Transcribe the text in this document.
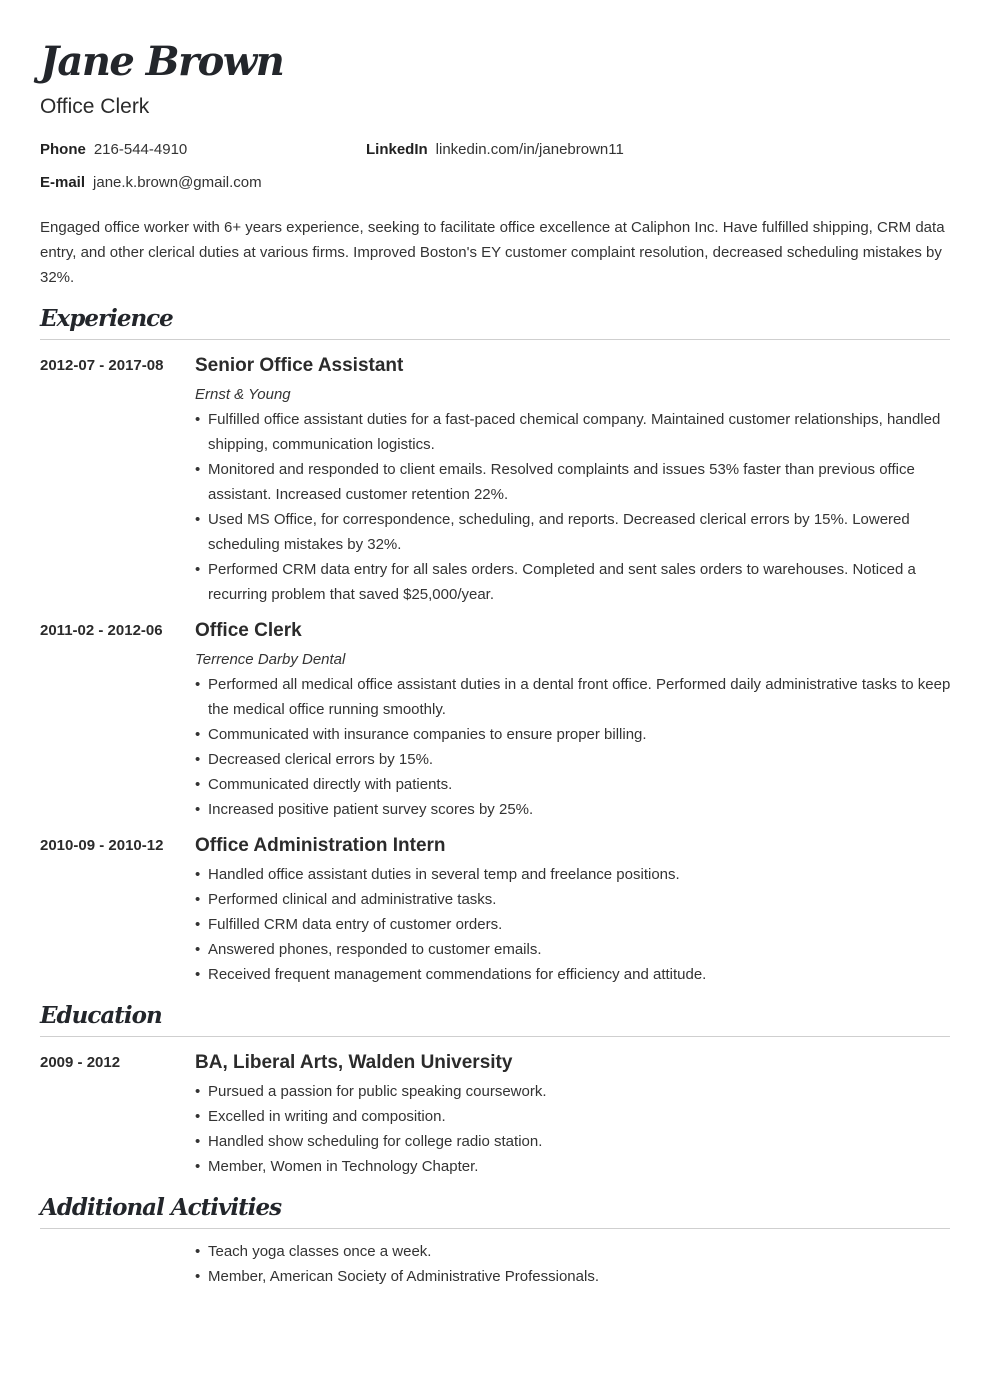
Jane Brown
Office Clerk
Phone 216-544-4910	LinkedIn linkedin.com/in/janebrown11
E-mail jane.k.brown@gmail.com

Engaged office worker with 6+ years experience, seeking to facilitate office excellence at Caliphon Inc. Have fulfilled shipping, CRM data entry, and other clerical duties at various firms. Improved Boston's EY customer complaint resolution, decreased scheduling mistakes by 32%.

Experience
2012-07 - 2017-08 Senior Office Assistant
Ernst & Young
• Fulfilled office assistant duties for a fast-paced chemical company. Maintained customer relationships, handled shipping, communication logistics.
• Monitored and responded to client emails. Resolved complaints and issues 53% faster than previous office assistant. Increased customer retention 22%.
• Used MS Office, for correspondence, scheduling, and reports. Decreased clerical errors by 15%. Lowered scheduling mistakes by 32%.
• Performed CRM data entry for all sales orders. Completed and sent sales orders to warehouses. Noticed a recurring problem that saved $25,000/year.
2011-02 - 2012-06 Office Clerk
Terrence Darby Dental
• Performed all medical office assistant duties in a dental front office. Performed daily administrative tasks to keep the medical office running smoothly.
• Communicated with insurance companies to ensure proper billing.
• Decreased clerical errors by 15%.
• Communicated directly with patients.
• Increased positive patient survey scores by 25%.
2010-09 - 2010-12 Office Administration Intern
• Handled office assistant duties in several temp and freelance positions.
• Performed clinical and administrative tasks.
• Fulfilled CRM data entry of customer orders.
• Answered phones, responded to customer emails.
• Received frequent management commendations for efficiency and attitude.
Education
2009 - 2012	BA, Liberal Arts, Walden University
• Pursued a passion for public speaking coursework.
• Excelled in writing and composition.
• Handled show scheduling for college radio station.
• Member, Women in Technology Chapter.
Additional Activities
• Teach yoga classes once a week.
• Member, American Society of Administrative Professionals.
